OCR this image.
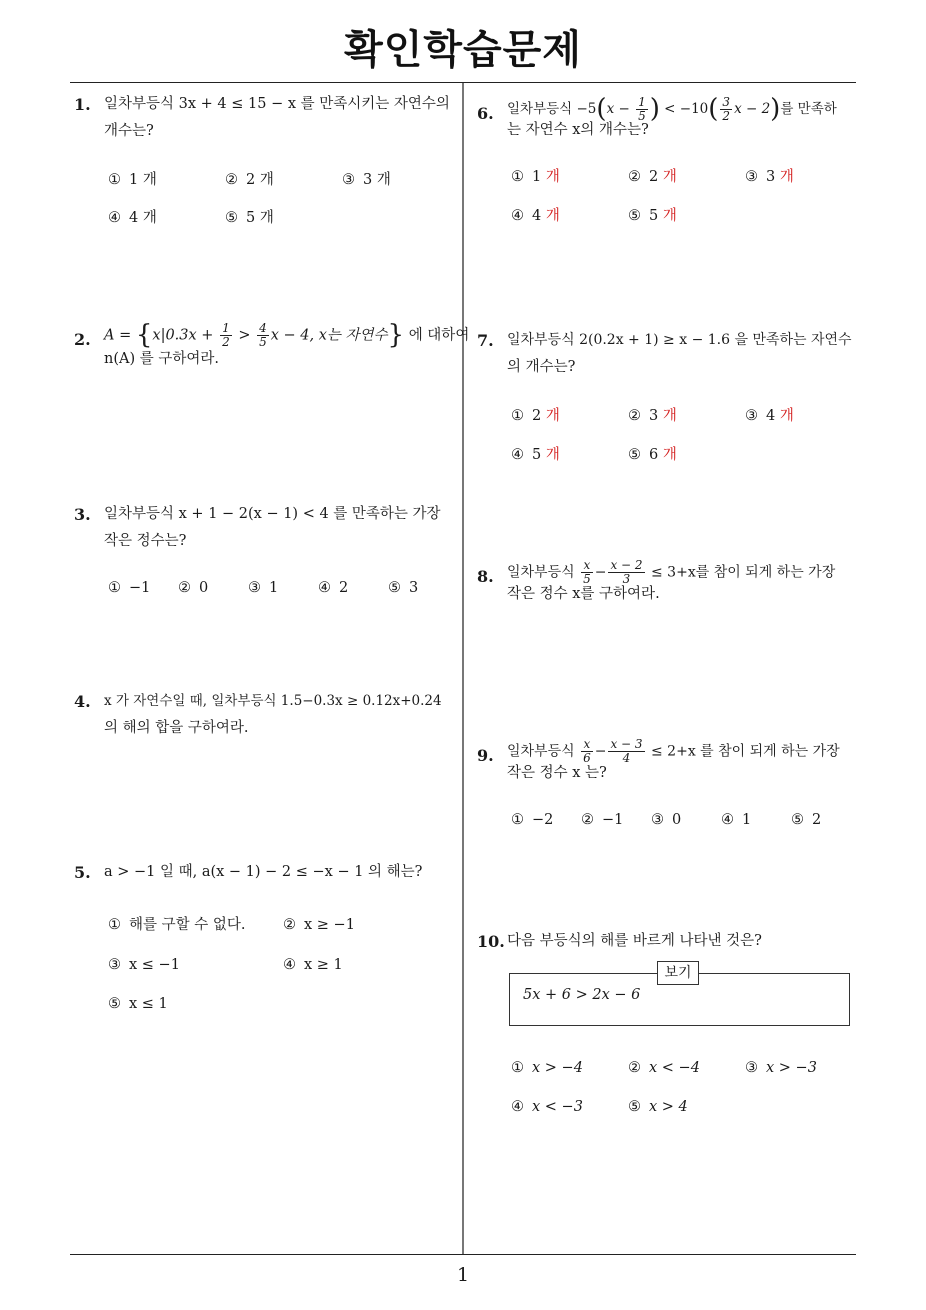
확인학습문제
1
1. 일차부등식 3x + 4 ≤ 15 − x 를 만족시키는 자연수의
개수는?
① 1 개	② 2 개	③ 3 개
④ 4 개	⑤ 5 개
2. $A = \{x|0.3x + \frac{1}{2} > \frac{4}{5}$ x − 4, x는 자연수} 에 대하여
n(A) 를 구하여라.
3. 일차부등식 x + 1 − 2(x − 1) < 4 를 만족하는 가장
작은 정수는?
① −1 ② 0	③ 1	④ 2	⑤ 3
4. x 가 자연수일 때, 일차부등식 1.5−0.3x ≥ 0.12x+0.24
의 해의 합을 구하여라.
5. a > −1 일 때, a(x − 1) − 2 ≤ −x − 1 의 해는?
① 해를 구할 수 없다.	② x ≥ −1
③ x ≤ −1	④ x ≥ 1
⑤ x ≤ 1
6. 일차부등식 $-5(x - \frac{1}{5}$ ) < $-10( \frac{3}{2}$ x − 2)를 만족하
는 자연수 x의 개수는?
① 1 개	② 2 개	③ 3 개
④ 4 개	⑤ 5 개
7. 일차부등식 2(0.2x + 1) ≥ x − 1.6 을 만족하는 자연수
의 개수는?
① 2 개	② 3 개	③ 4 개
④ 5 개	⑤ 6 개
8. 일차부등식 $\frac{x}{5} - \frac{x - 2}{3} \le 3+x$를 참이 되게 하는 가장
작은 정수 x를 구하여라.
9. 일차부등식 $\frac{x}{6} - \frac{x - 3}{4} \le 2+x$ 를 참이 되게 하는 가장
작은 정수 x 는?
① −2 ② −1 ③ 0	④ 1	⑤ 2
10. 다음 부등식의 해를 바르게 나타낸 것은?
보기
5x + 6 > 2x − 6
① x > −4	② x < −4	③ x > −3
④ x < −3	⑤ x > 4
